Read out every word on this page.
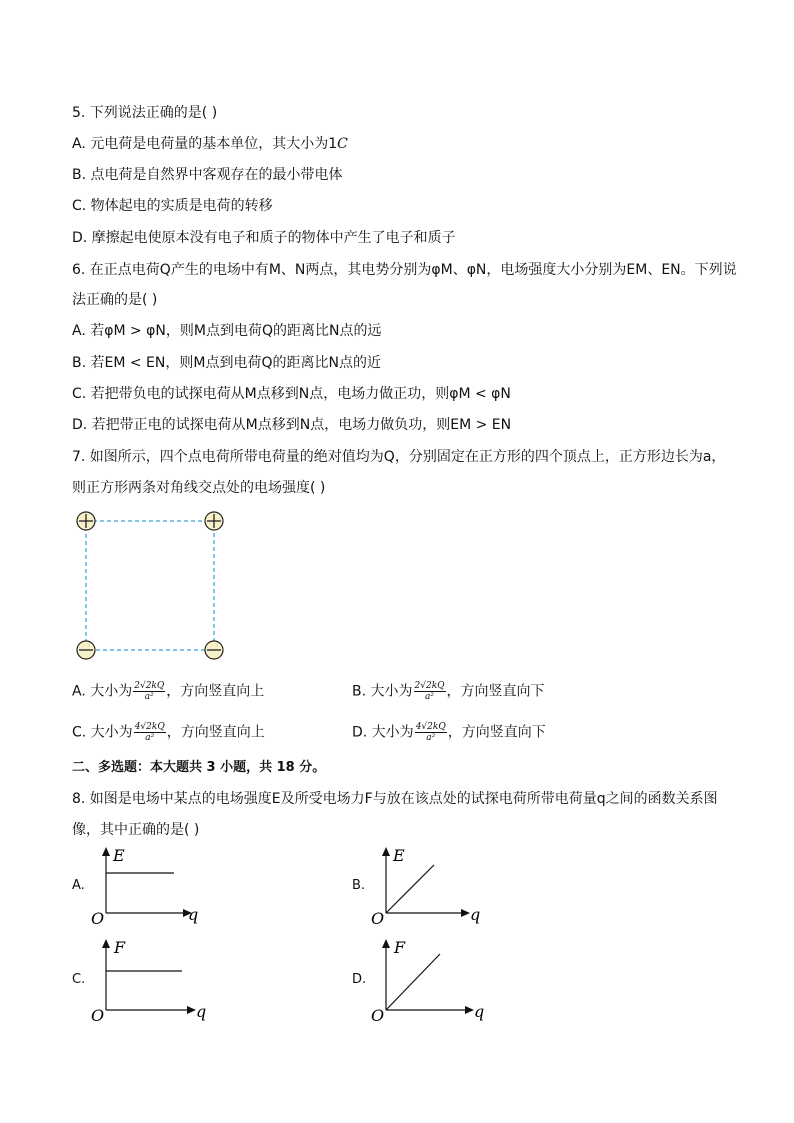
5. 下列说法正确的是( )
A. 元电荷是电荷量的基本单位，其大小为1C
B. 点电荷是自然界中客观存在的最小带电体
C. 物体起电的实质是电荷的转移
D. 摩擦起电使原本没有电子和质子的物体中产生了电子和质子
6. 在正点电荷Q产生的电场中有M、N两点，其电势分别为φM、φN，电场强度大小分别为EM、EN。下列说
法正确的是( )
A. 若φM > φN，则M点到电荷Q的距离比N点的远
B. 若EM < EN，则M点到电荷Q的距离比N点的近
C. 若把带负电的试探电荷从M点移到N点，电场力做正功，则φM < φN
D. 若把带正电的试探电荷从M点移到N点，电场力做负功，则EM > EN
7. 如图所示，四个点电荷所带电荷量的绝对值均为Q，分别固定在正方形的四个顶点上，正方形边长为a，
则正方形两条对角线交点处的电场强度( )
A. 大小为 $\frac{2√2kQ}{\text{a²}}$ ，方向竖直向上	B. 大小为 $\frac{2√2kQ}{\text{a²}}$ ，方向竖直向下
C. 大小为 $\frac{4√2kQ}{\text{a²}}$ ，方向竖直向上	D. 大小为 $\frac{4√2kQ}{\text{a²}}$ ，方向竖直向下
二、多选题：本大题共 3 小题，共 18 分。
8. 如图是电场中某点的电场强度E及所受电场力F与放在该点处的试探电荷所带电荷量q之间的函数关系图
像，其中正确的是( )
A.
E
q
O
B.
E
q
O
C.
F
q
O
D.
F
q
O
